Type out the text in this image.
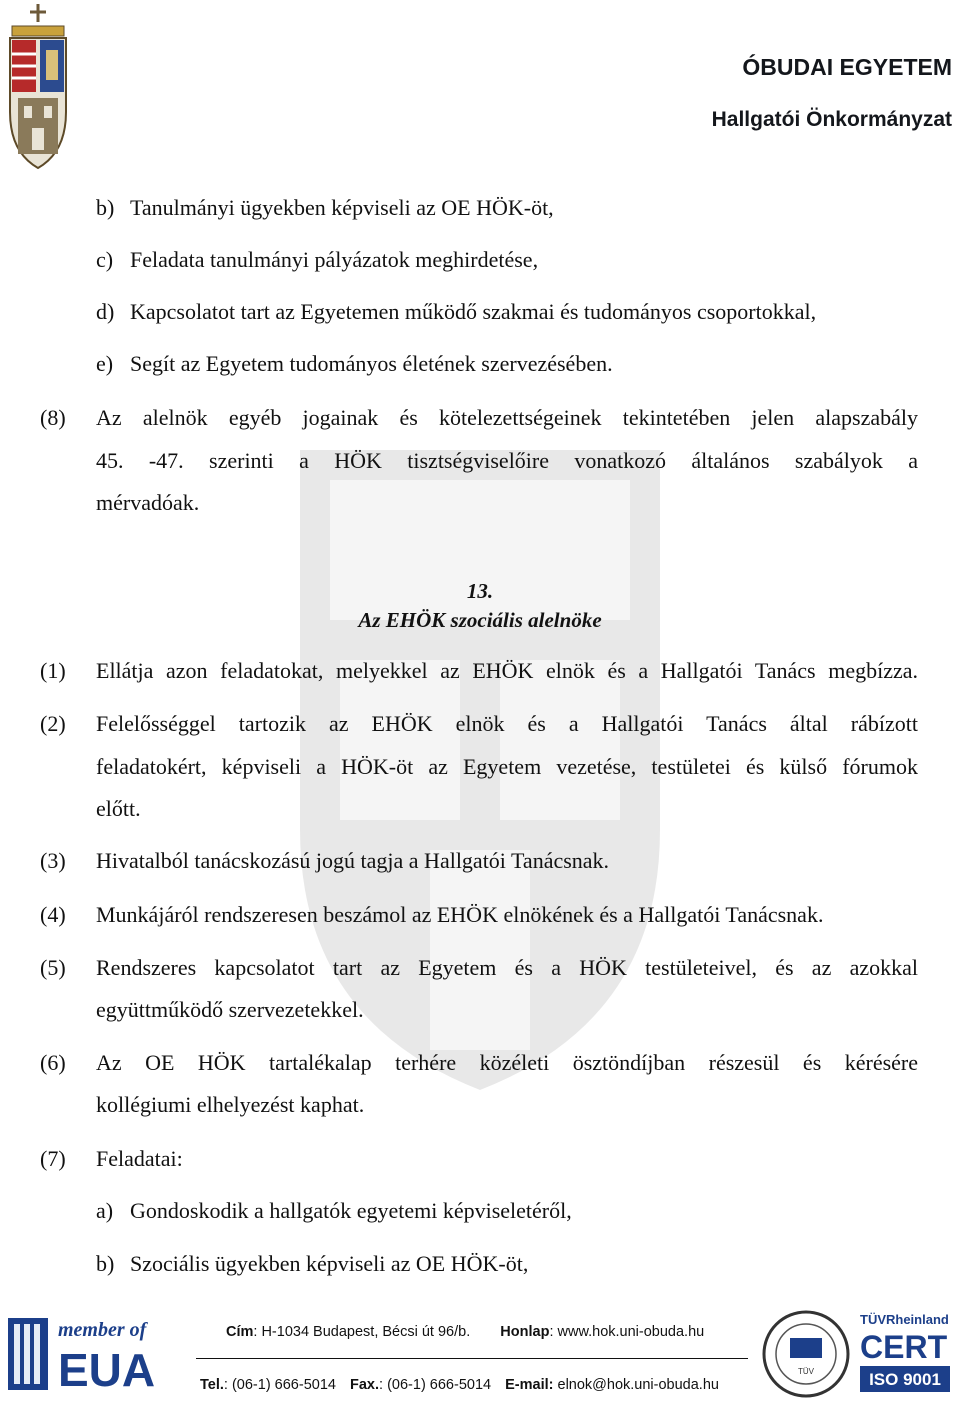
ÓBUDAI EGYETEM
Hallgatói Önkormányzat
b) Tanulmányi ügyekben képviseli az OE HÖK-öt,
c) Feladata tanulmányi pályázatok meghirdetése,
d) Kapcsolatot tart az Egyetemen működő szakmai és tudományos csoportokkal,
e) Segít az Egyetem tudományos életének szervezésében.
(8) Az alelnök egyéb jogainak és kötelezettségeinek tekintetében jelen alapszabály
45. -47. szerinti a HÖK tisztségviselőire vonatkozó általános szabályok a
mérvadóak.
13.
Az EHÖK szociális alelnöke
(1) Ellátja azon feladatokat, melyekkel az EHÖK elnök és a Hallgatói Tanács megbízza.
(2) Felelősséggel tartozik az EHÖK elnök és a Hallgatói Tanács által rábízott
feladatokért, képviseli a HÖK-öt az Egyetem vezetése, testületei és külső fórumok
előtt.
(3) Hivatalból tanácskozású jogú tagja a Hallgatói Tanácsnak.
(4) Munkájáról rendszeresen beszámol az EHÖK elnökének és a Hallgatói Tanácsnak.
(5) Rendszeres kapcsolatot tart az Egyetem és a HÖK testületeivel, és az azokkal
együttműködő szervezetekkel.
(6) Az OE HÖK tartalékalap terhére közéleti ösztöndíjban részesül és kérésére
kollégiumi elhelyezést kaphat.
(7) Feladatai:
a) Gondoskodik a hallgatók egyetemi képviseletéről,
b) Szociális ügyekben képviseli az OE HÖK-öt,
member of
EUA
Cím: H-1034 Budapest, Bécsi út 96/b. Honlap: www.hok.uni-obuda.hu
Tel.: (06-1) 666-5014 Fax.: (06-1) 666-5014 E-mail: elnok@hok.uni-obuda.hu
TÜV
TÜVRheinland
CERT
ISO 9001
